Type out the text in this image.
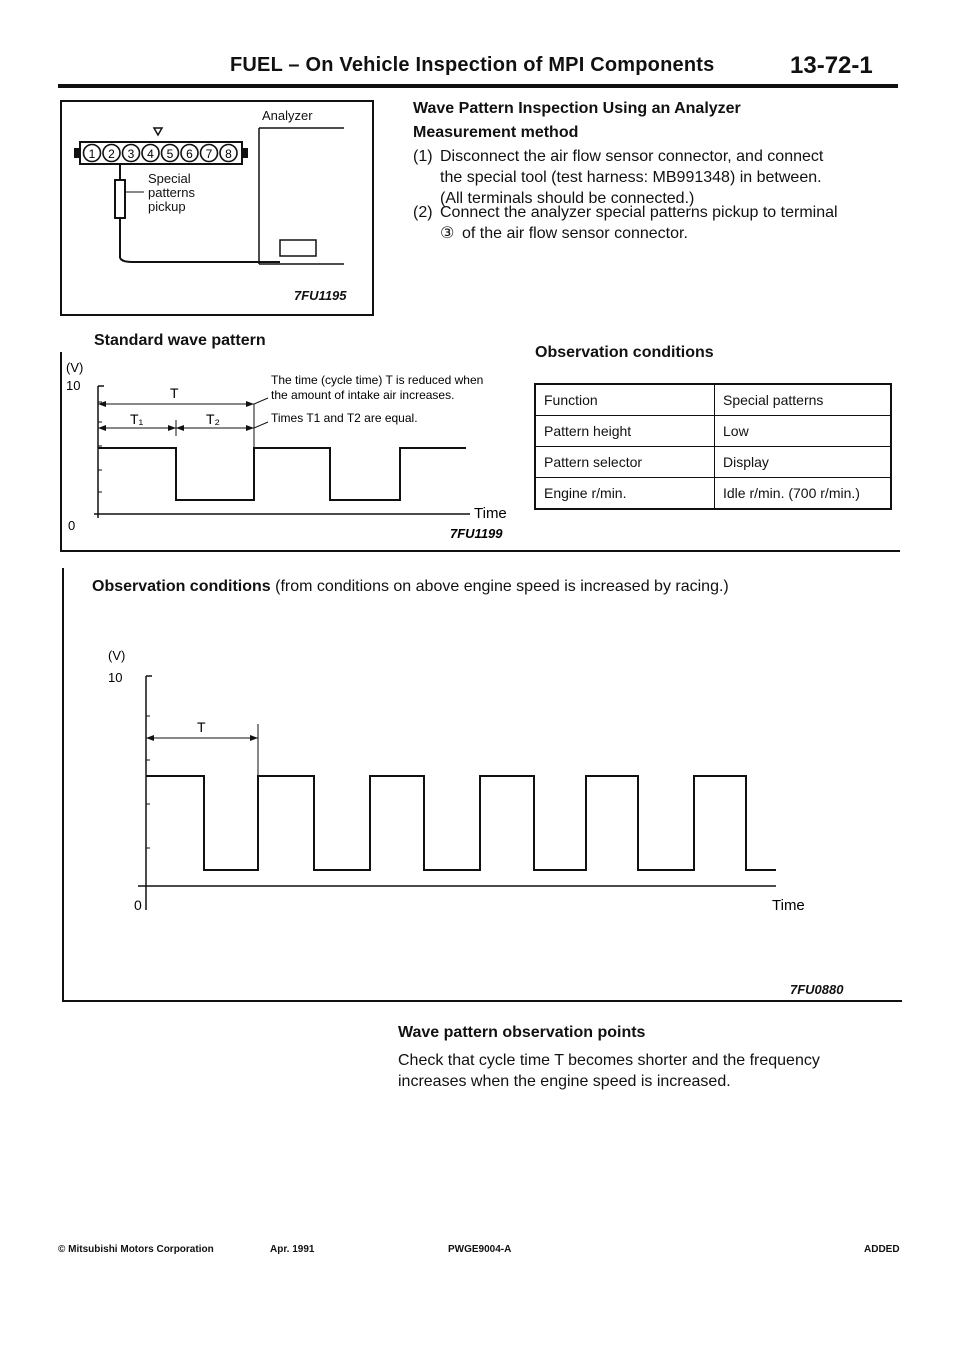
FUEL – On Vehicle Inspection of MPI Components	13-72-1
1 2 3 4 5 6 7 8
Analyzer
Special
patterns
pickup
7FU1195
Wave Pattern Inspection Using an Analyzer
Measurement method
(1) Disconnect the air flow sensor connector, and connect
the special tool (test harness: MB991348) in between.
(All terminals should be connected.)
(2) Connect the analyzer special patterns pickup to terminal
③ of the air flow sensor connector.
Standard wave pattern
(V)
10
0
T
T₁	T₂
The time (cycle time) T is reduced when
the amount of intake air increases.
Times T1 and T2 are equal.
Time
7FU1199
Observation conditions
Function	Special patterns
Pattern height	Low
Pattern selector	Display
Engine r/min.	Idle r/min. (700 r/min.)
Observation conditions (from conditions on above engine speed is increased by racing.)
(V)
10
0
T
Time
7FU0880
Wave pattern observation points
Check that cycle time T becomes shorter and the frequency
increases when the engine speed is increased.
© Mitsubishi Motors Corporation	Apr. 1991	PWGE9004-A	ADDED
